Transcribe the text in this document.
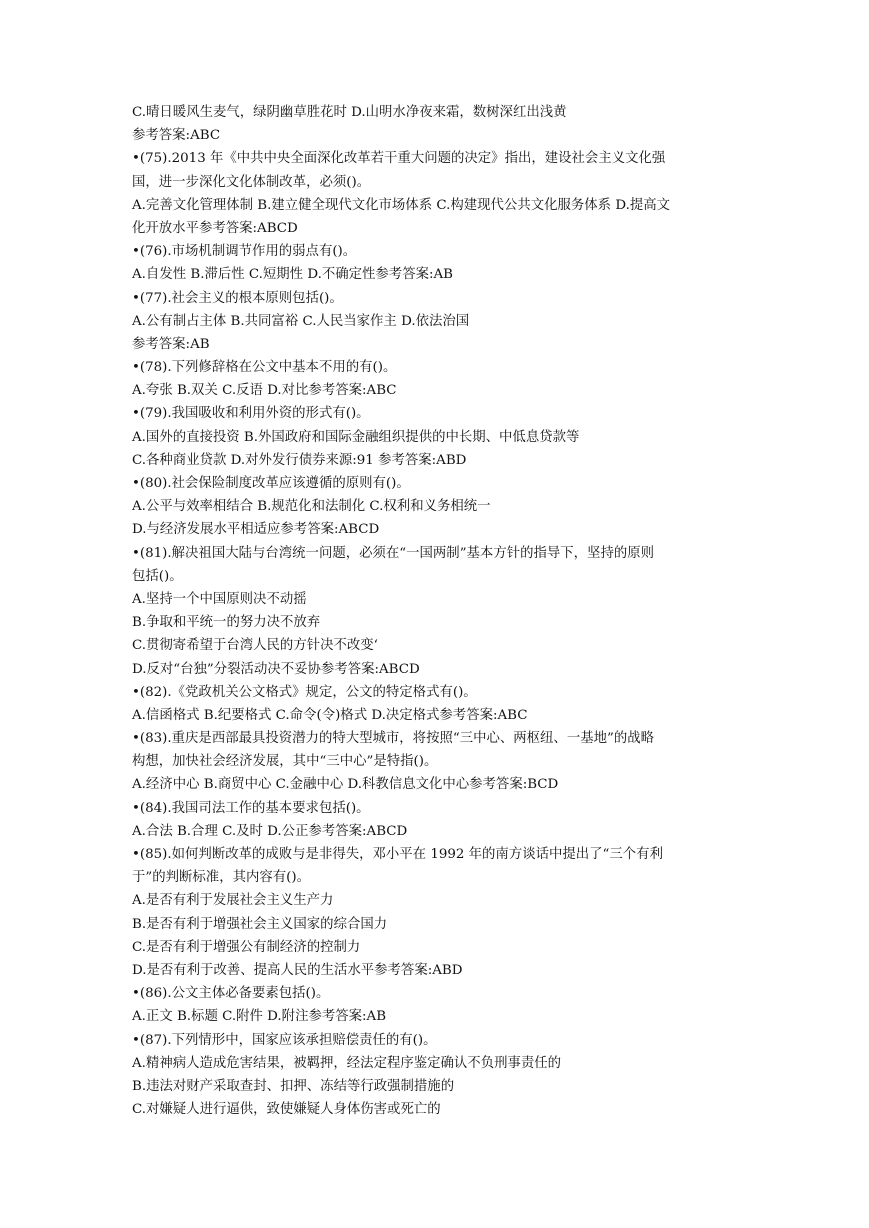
C.晴日暖风生麦气，绿阴幽草胜花时 D.山明水净夜来霜，数树深红出浅黄
参考答案:ABC
•(75).2013 年《中共中央全面深化改革若干重大问题的决定》指出，建设社会主义文化强
国，进一步深化文化体制改革，必须()。
A.完善文化管理体制 B.建立健全现代文化市场体系 C.构建现代公共文化服务体系 D.提高文
化开放水平参考答案:ABCD
•(76).市场机制调节作用的弱点有()。
A.自发性 B.滞后性 C.短期性 D.不确定性参考答案:AB
•(77).社会主义的根本原则包括()。
A.公有制占主体 B.共同富裕 C.人民当家作主 D.依法治国
参考答案:AB
•(78).下列修辞格在公文中基本不用的有()。
A.夸张 B.双关 C.反语 D.对比参考答案:ABC
•(79).我国吸收和利用外资的形式有()。
A.国外的直接投资 B.外国政府和国际金融组织提供的中长期、中低息贷款等
C.各种商业贷款 D.对外发行债券来源:91 参考答案:ABD
•(80).社会保险制度改革应该遵循的原则有()。
A.公平与效率相结合 B.规范化和法制化 C.权利和义务相统一
D.与经济发展水平相适应参考答案:ABCD
•(81).解决祖国大陆与台湾统一问题，必须在“一国两制”基本方针的指导下，坚持的原则
包括()。
A.坚持一个中国原则决不动摇
B.争取和平统一的努力决不放弃
C.贯彻寄希望于台湾人民的方针决不改变‘
D.反对“台独”分裂活动决不妥协参考答案:ABCD
•(82).《党政机关公文格式》规定，公文的特定格式有()。
A.信函格式 B.纪要格式 C.命令(令)格式 D.决定格式参考答案:ABC
•(83).重庆是西部最具投资潜力的特大型城市，将按照“三中心、两枢纽、一基地”的战略
构想，加快社会经济发展，其中“三中心”是特指()。
A.经济中心 B.商贸中心 C.金融中心 D.科教信息文化中心参考答案:BCD
•(84).我国司法工作的基本要求包括()。
A.合法 B.合理 C.及时 D.公正参考答案:ABCD
•(85).如何判断改革的成败与是非得失，邓小平在 1992 年的南方谈话中提出了“三个有利
于”的判断标准，其内容有()。
A.是否有利于发展社会主义生产力
B.是否有利于增强社会主义国家的综合国力
C.是否有利于增强公有制经济的控制力
D.是否有利于改善、提高人民的生活水平参考答案:ABD
•(86).公文主体必备要素包括()。
A.正文 B.标题 C.附件 D.附注参考答案:AB
•(87).下列情形中，国家应该承担赔偿责任的有()。
A.精神病人造成危害结果，被羁押，经法定程序鉴定确认不负刑事责任的
B.违法对财产采取查封、扣押、冻结等行政强制措施的
C.对嫌疑人进行逼供，致使嫌疑人身体伤害或死亡的
